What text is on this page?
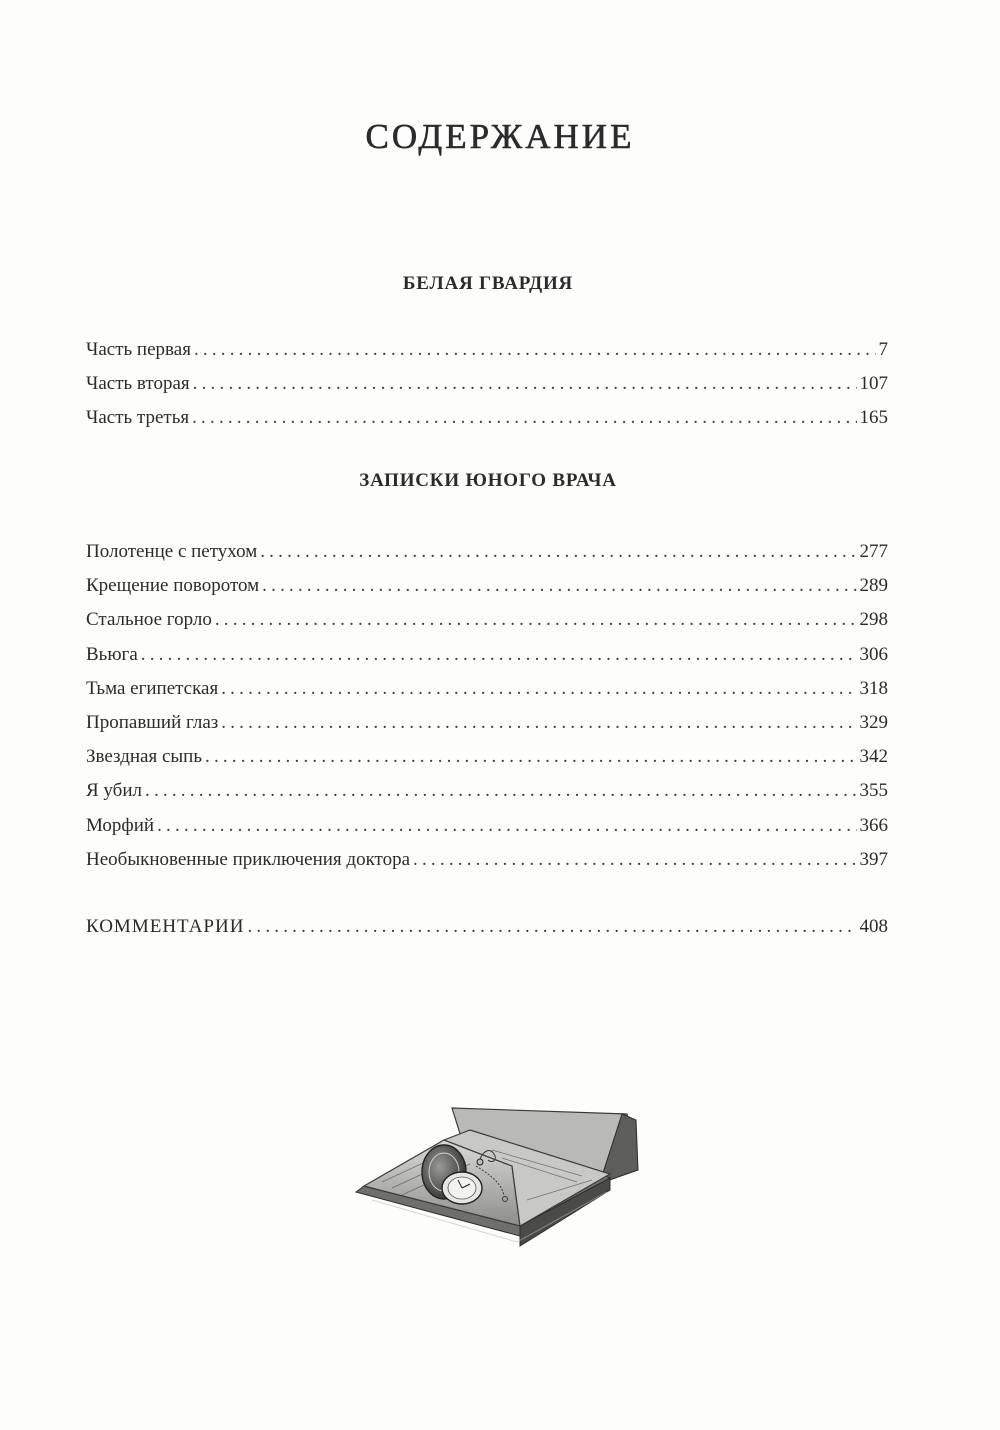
СОДЕРЖАНИЕ
БЕЛАЯ ГВАРДИЯ
Часть первая .....	7
Часть вторая .....	107
Часть третья .....	165
ЗАПИСКИ ЮНОГО ВРАЧА
Полотенце с петухом .....	277
Крещение поворотом .....	289
Стальное горло .....	298
Вьюга .....	306
Тьма египетская .....	318
Пропавший глаз .....	329
Звездная сыпь .....	342
Я убил .....	355
Морфий .....	366
Необыкновенные приключения доктора .....	397
КОММЕНТАРИИ .....	408
